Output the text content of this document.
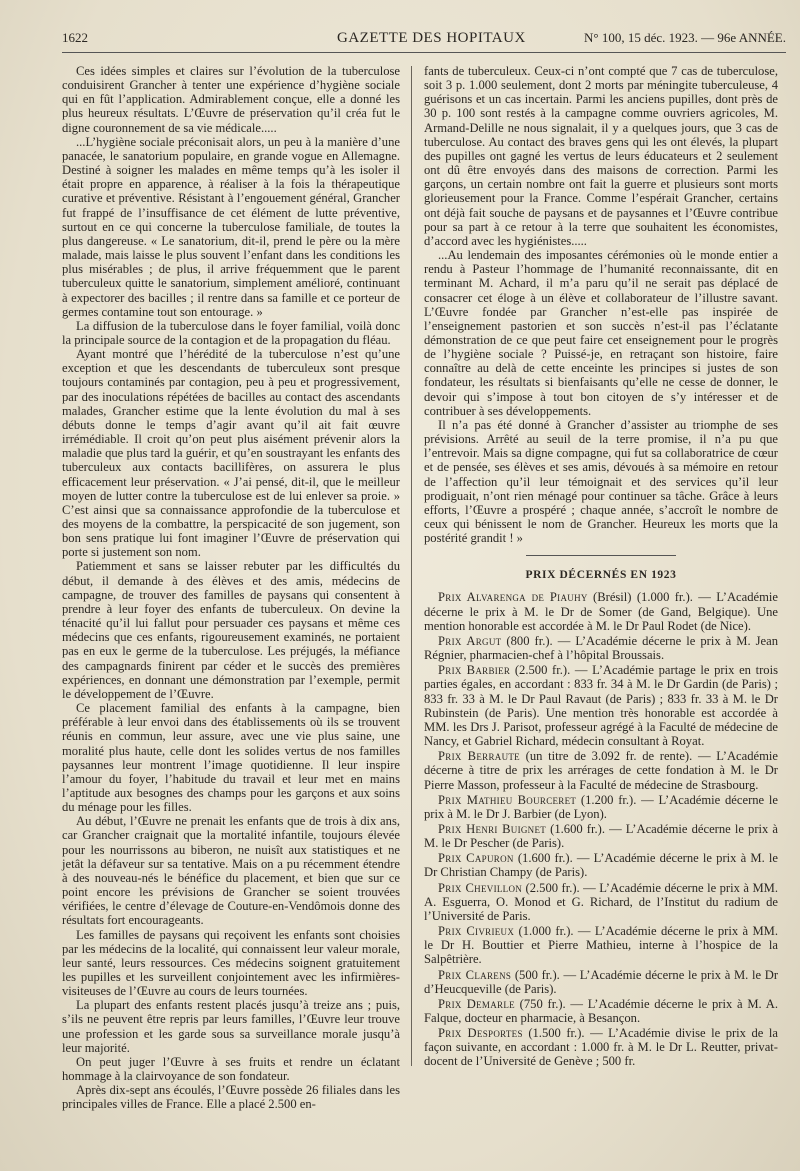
1622	GAZETTE DES HOPITAUX	N° 100, 15 déc. 1923. — 96e ANNÉE.

Ces idées simples et claires sur l’évolution de la tuberculose conduisirent Grancher à tenter une expérience d’hygiène sociale qui en fût l’application. Admirablement conçue, elle a donné les plus heureux résultats. L’Œuvre de préservation qu’il créa fut le digne couronnement de sa vie médicale.....

...L’hygiène sociale préconisait alors, un peu à la manière d’une panacée, le sanatorium populaire, en grande vogue en Allemagne. Destiné à soigner les malades en même temps qu’à les isoler il était propre en apparence, à réaliser à la fois la thérapeutique curative et préventive. Résistant à l’engouement général, Grancher fut frappé de l’insuffisance de cet élément de lutte préventive, surtout en ce qui concerne la tuberculose familiale, de toutes la plus dangereuse. « Le sanatorium, dit-il, prend le père ou la mère malade, mais laisse le plus souvent l’enfant dans les conditions les plus misérables ; de plus, il arrive fréquemment que le parent tuberculeux quitte le sanatorium, simplement amélioré, continuant à expectorer des bacilles ; il rentre dans sa famille et ce porteur de germes contamine tout son entourage. »

La diffusion de la tuberculose dans le foyer familial, voilà donc la principale source de la contagion et de la propagation du fléau.

Ayant montré que l’hérédité de la tuberculose n’est qu’une exception et que les descendants de tuberculeux sont presque toujours contaminés par contagion, peu à peu et progressivement, par des inoculations répétées de bacilles au contact des ascendants malades, Grancher estime que la lente évolution du mal à ses débuts donne le temps d’agir avant qu’il ait fait œuvre irrémédiable. Il croit qu’on peut plus aisément prévenir alors la maladie que plus tard la guérir, et qu’en soustrayant les enfants des tuberculeux aux contacts bacillifères, on assurera le plus efficacement leur préservation. « J’ai pensé, dit-il, que le meilleur moyen de lutter contre la tuberculose est de lui enlever sa proie. » C’est ainsi que sa connaissance approfondie de la tuberculose et des moyens de la combattre, la perspicacité de son jugement, son bon sens pratique lui font imaginer l’Œuvre de préservation qui porte si justement son nom.

Patiemment et sans se laisser rebuter par les difficultés du début, il demande à des élèves et des amis, médecins de campagne, de trouver des familles de paysans qui consentent à prendre à leur foyer des enfants de tuberculeux. On devine la ténacité qu’il lui fallut pour persuader ces paysans et même ces médecins que ces enfants, rigoureusement examinés, ne portaient pas en eux le germe de la tuberculose. Les préjugés, la méfiance des campagnards finirent par céder et le succès des premières expériences, en donnant une démonstration par l’exemple, permit le développement de l’Œuvre.

Ce placement familial des enfants à la campagne, bien préférable à leur envoi dans des établissements où ils se trouvent réunis en commun, leur assure, avec une vie plus saine, une moralité plus haute, celle dont les solides vertus de nos familles paysannes leur montrent l’image quotidienne. Il leur inspire l’amour du foyer, l’habitude du travail et leur met en mains l’aptitude aux besognes des champs pour les garçons et aux soins du ménage pour les filles.

Au début, l’Œuvre ne prenait les enfants que de trois à dix ans, car Grancher craignait que la mortalité infantile, toujours élevée pour les nourrissons au biberon, ne nuisît aux statistiques et ne jetât la défaveur sur sa tentative. Mais on a pu récemment étendre à des nouveau-nés le bénéfice du placement, et bien que sur ce point encore les prévisions de Grancher se soient trouvées vérifiées, le centre d’élevage de Couture-en-Vendômois donne des résultats fort encourageants.

Les familles de paysans qui reçoivent les enfants sont choisies par les médecins de la localité, qui connaissent leur valeur morale, leur santé, leurs ressources. Ces médecins soignent gratuitement les pupilles et les surveillent conjointement avec les infirmières-visiteuses de l’Œuvre au cours de leurs tournées.

La plupart des enfants restent placés jusqu’à treize ans ; puis, s’ils ne peuvent être repris par leurs familles, l’Œuvre leur trouve une profession et les garde sous sa surveillance morale jusqu’à leur majorité.

On peut juger l’Œuvre à ses fruits et rendre un éclatant hommage à la clairvoyance de son fondateur.

Après dix-sept ans écoulés, l’Œuvre possède 26 filiales dans les principales villes de France. Elle a placé 2.500 en-

fants de tuberculeux. Ceux-ci n’ont compté que 7 cas de tuberculose, soit 3 p. 1.000 seulement, dont 2 morts par méningite tuberculeuse, 4 guérisons et un cas incertain. Parmi les anciens pupilles, dont près de 30 p. 100 sont restés à la campagne comme ouvriers agricoles, M. Armand-Delille ne nous signalait, il y a quelques jours, que 3 cas de tuberculose. Au contact des braves gens qui les ont élevés, la plupart des pupilles ont gagné les vertus de leurs éducateurs et 2 seulement ont dû être envoyés dans des maisons de correction. Parmi les garçons, un certain nombre ont fait la guerre et plusieurs sont morts glorieusement pour la France. Comme l’espérait Grancher, certains ont déjà fait souche de paysans et de paysannes et l’Œuvre contribue pour sa part à ce retour à la terre que souhaitent les économistes, d’accord avec les hygiénistes.....

...Au lendemain des imposantes cérémonies où le monde entier a rendu à Pasteur l’hommage de l’humanité reconnaissante, dit en terminant M. Achard, il m’a paru qu’il ne serait pas déplacé de consacrer cet éloge à un élève et collaborateur de l’illustre savant. L’Œuvre fondée par Grancher n’est-elle pas inspirée de l’enseignement pastorien et son succès n’est-il pas l’éclatante démonstration de ce que peut faire cet enseignement pour le progrès de l’hygiène sociale ? Puissé-je, en retraçant son histoire, faire connaître au delà de cette enceinte les principes si justes de son fondateur, les résultats si bienfaisants qu’elle ne cesse de donner, le devoir qui s’impose à tout bon citoyen de s’y intéresser et de contribuer à ses développements.

Il n’a pas été donné à Grancher d’assister au triomphe de ses prévisions. Arrêté au seuil de la terre promise, il n’a pu que l’entrevoir. Mais sa digne compagne, qui fut sa collaboratrice de cœur et de pensée, ses élèves et ses amis, dévoués à sa mémoire en retour de l’affection qu’il leur témoignait et des services qu’il leur prodiguait, n’ont rien ménagé pour continuer sa tâche. Grâce à leurs efforts, l’Œuvre a prospéré ; chaque année, s’accroît le nombre de ceux qui bénissent le nom de Grancher. Heureux les morts que la postérité grandit ! »

PRIX DÉCERNÉS EN 1923

Prix Alvarenga de Piauhy (Brésil) (1.000 fr.). — L’Académie décerne le prix à M. le Dr de Somer (de Gand, Belgique). Une mention honorable est accordée à M. le Dr Paul Rodet (de Nice).

Prix Argut (800 fr.). — L’Académie décerne le prix à M. Jean Régnier, pharmacien-chef à l’hôpital Broussais.

Prix Barbier (2.500 fr.). — L’Académie partage le prix en trois parties égales, en accordant : 833 fr. 34 à M. le Dr Gardin (de Paris) ; 833 fr. 33 à M. le Dr Paul Ravaut (de Paris) ; 833 fr. 33 à M. le Dr Rubinstein (de Paris). Une mention très honorable est accordée à MM. les Drs J. Parisot, professeur agrégé à la Faculté de médecine de Nancy, et Gabriel Richard, médecin consultant à Royat.

Prix Berraute (un titre de 3.092 fr. de rente). — L’Académie décerne à titre de prix les arrérages de cette fondation à M. le Dr Pierre Masson, professeur à la Faculté de médecine de Strasbourg.

Prix Mathieu Bourceret (1.200 fr.). — L’Académie décerne le prix à M. le Dr J. Barbier (de Lyon).

Prix Henri Buignet (1.600 fr.). — L’Académie décerne le prix à M. le Dr Pescher (de Paris).

Prix Capuron (1.600 fr.). — L’Académie décerne le prix à M. le Dr Christian Champy (de Paris).

Prix Chevillon (2.500 fr.). — L’Académie décerne le prix à MM. A. Esguerra, O. Monod et G. Richard, de l’Institut du radium de l’Université de Paris.

Prix Civrieux (1.000 fr.). — L’Académie décerne le prix à MM. le Dr H. Bouttier et Pierre Mathieu, interne à l’hospice de la Salpêtrière.

Prix Clarens (500 fr.). — L’Académie décerne le prix à M. le Dr d’Heucqueville (de Paris).

Prix Demarle (750 fr.). — L’Académie décerne le prix à M. A. Falque, docteur en pharmacie, à Besançon.

Prix Desportes (1.500 fr.). — L’Académie divise le prix de la façon suivante, en accordant : 1.000 fr. à M. le Dr L. Reutter, privat-docent de l’Université de Genève ; 500 fr.
